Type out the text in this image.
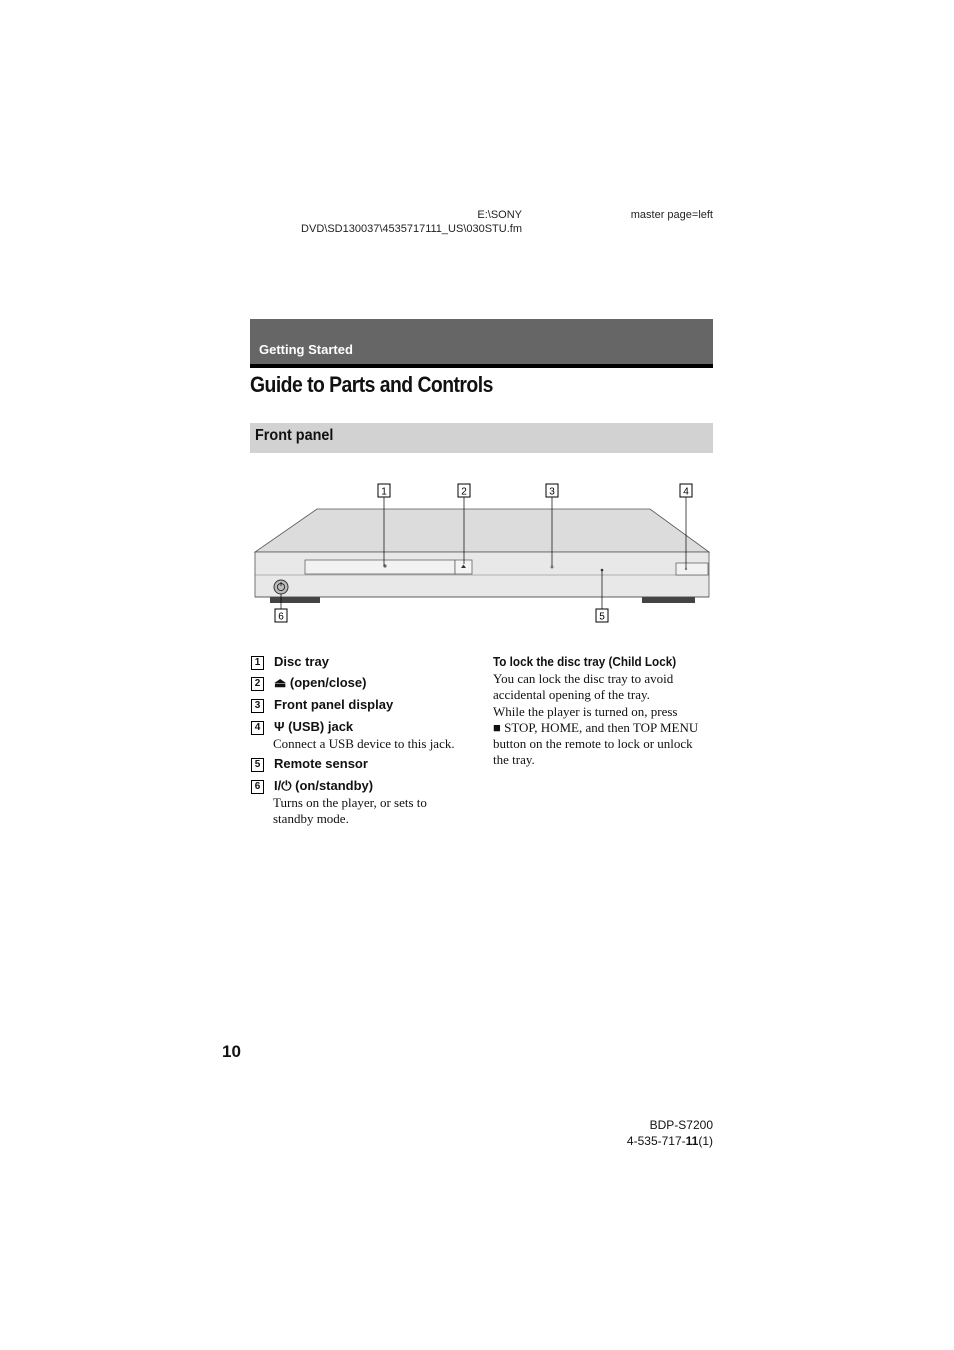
E:\SONY
DVD\SD130037\4535717111_US\030STU.fm
master page=left
Getting Started
Guide to Parts and Controls
Front panel
1	2	3	4
6	5
1 Disc tray
2 ⏏ (open/close)
3 Front panel display
4 Ψ (USB) jack
Connect a USB device to this jack.
5 Remote sensor
6 I/⏻ (on/standby)
Turns on the player, or sets to
standby mode.
To lock the disc tray (Child Lock)
You can lock the disc tray to avoid
accidental opening of the tray.
While the player is turned on, press
■ STOP, HOME, and then TOP MENU
button on the remote to lock or unlock
the tray.
10
BDP-S7200
4-535-717-11(1)
